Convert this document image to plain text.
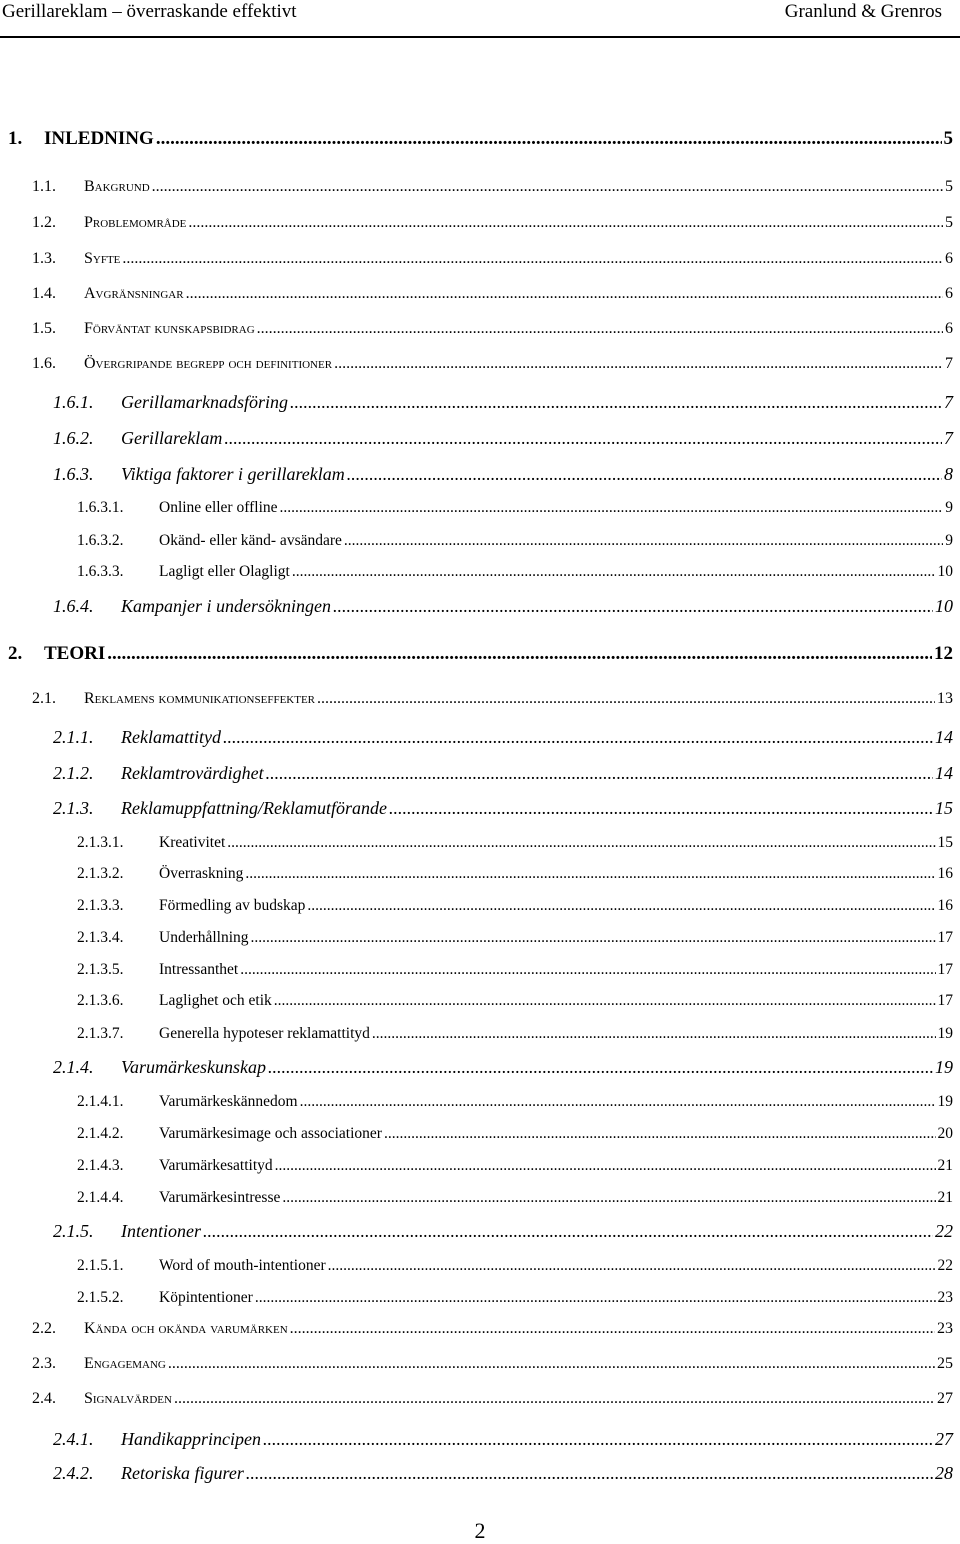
Gerillareklam – överraskande effektivt	Granlund & Grenros
1.	INLEDNING .....	5
1.1.	Bakgrund .....	5
1.2.	Problemområde .....	5
1.3.	Syfte .....	6
1.4.	Avgränsningar .....	6
1.5.	Förväntat kunskapsbidrag .....	6
1.6.	Övergripande begrepp och definitioner .....	7
1.6.1.	Gerillamarknadsföring .....	7
1.6.2.	Gerillareklam .....	7
1.6.3.	Viktiga faktorer i gerillareklam .....	8
1.6.3.1.	Online eller offline .....	9
1.6.3.2.	Okänd- eller känd- avsändare .....	9
1.6.3.3.	Lagligt eller Olagligt .....	10
1.6.4.	Kampanjer i undersökningen .....	10
2.	TEORI .....	12
2.1.	Reklamens kommunikationseffekter .....	13
2.1.1.	Reklamattityd .....	14
2.1.2.	Reklamtrovärdighet .....	14
2.1.3.	Reklamuppfattning/Reklamutförande .....	15
2.1.3.1.	Kreativitet .....	15
2.1.3.2.	Överraskning .....	16
2.1.3.3.	Förmedling av budskap .....	16
2.1.3.4.	Underhållning .....	17
2.1.3.5.	Intressanthet .....	17
2.1.3.6.	Laglighet och etik .....	17
2.1.3.7.	Generella hypoteser reklamattityd .....	19
2.1.4.	Varumärkeskunskap .....	19
2.1.4.1.	Varumärkeskännedom .....	19
2.1.4.2.	Varumärkesimage och associationer .....	20
2.1.4.3.	Varumärkesattityd .....	21
2.1.4.4.	Varumärkesintresse .....	21
2.1.5.	Intentioner .....	22
2.1.5.1.	Word of mouth-intentioner .....	22
2.1.5.2.	Köpintentioner .....	23
2.2.	Kända och okända varumärken .....	23
2.3.	Engagemang .....	25
2.4.	Signalvärden .....	27
2.4.1.	Handikapprincipen .....	27
2.4.2.	Retoriska figurer .....	28
2
